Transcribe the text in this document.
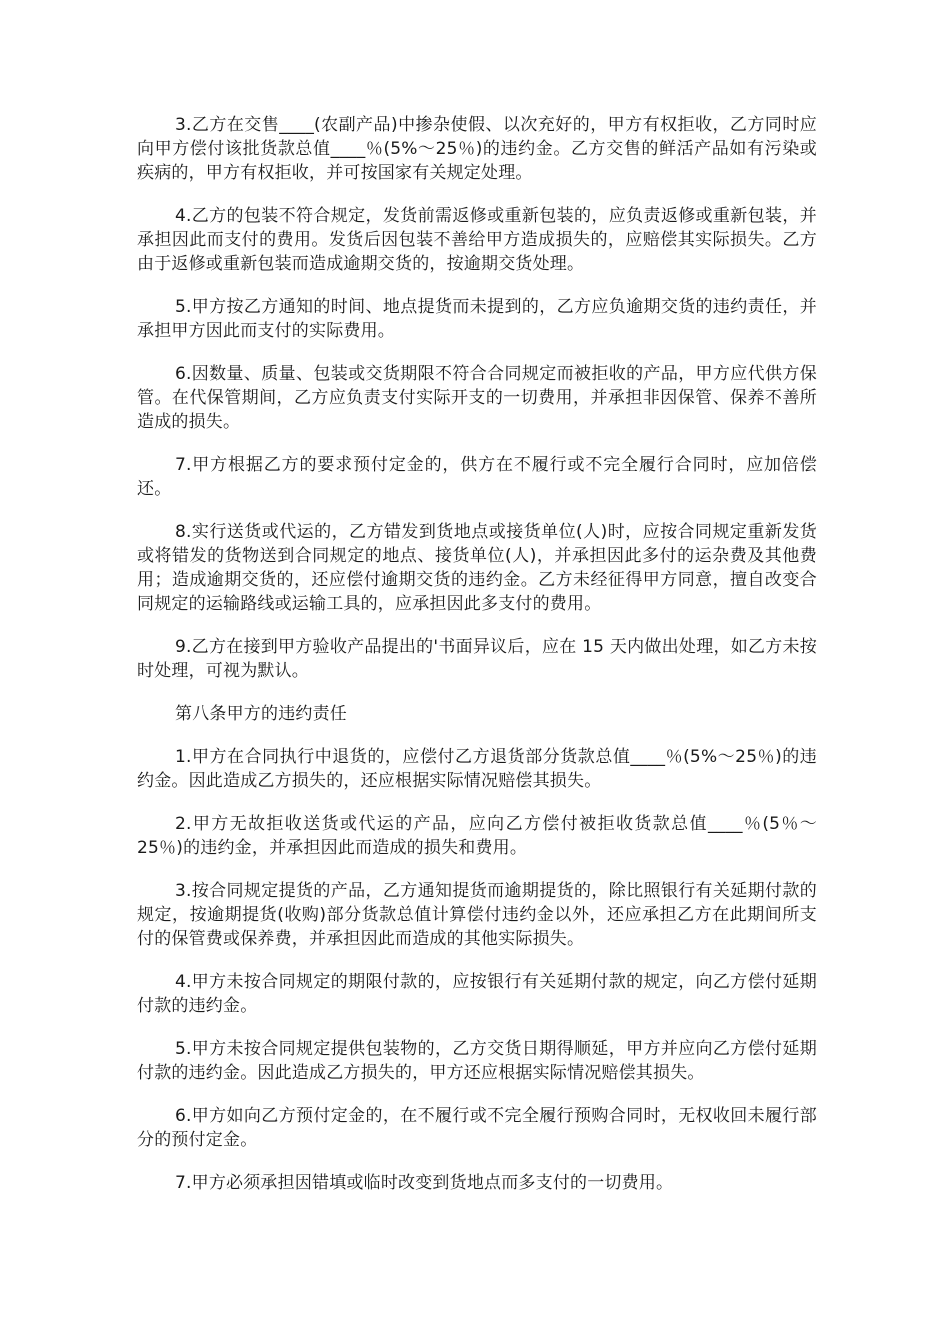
3.乙方在交售____(农副产品)中掺杂使假、以次充好的，甲方有权拒收，乙方同时应向甲方偿付该批货款总值____％(5%～25％)的违约金。乙方交售的鲜活产品如有污染或疾病的，甲方有权拒收，并可按国家有关规定处理。

4.乙方的包装不符合规定，发货前需返修或重新包装的，应负责返修或重新包装，并承担因此而支付的费用。发货后因包装不善给甲方造成损失的，应赔偿其实际损失。乙方由于返修或重新包装而造成逾期交货的，按逾期交货处理。

5.甲方按乙方通知的时间、地点提货而未提到的，乙方应负逾期交货的违约责任，并承担甲方因此而支付的实际费用。

6.因数量、质量、包装或交货期限不符合合同规定而被拒收的产品，甲方应代供方保管。在代保管期间，乙方应负责支付实际开支的一切费用，并承担非因保管、保养不善所造成的损失。

7.甲方根据乙方的要求预付定金的，供方在不履行或不完全履行合同时，应加倍偿还。

8.实行送货或代运的，乙方错发到货地点或接货单位(人)时，应按合同规定重新发货或将错发的货物送到合同规定的地点、接货单位(人)，并承担因此多付的运杂费及其他费用；造成逾期交货的，还应偿付逾期交货的违约金。乙方未经征得甲方同意，擅自改变合同规定的运输路线或运输工具的，应承担因此多支付的费用。

9.乙方在接到甲方验收产品提出的'书面异议后，应在 15 天内做出处理，如乙方未按时处理，可视为默认。

第八条甲方的违约责任

1.甲方在合同执行中退货的，应偿付乙方退货部分货款总值____％(5%～25％)的违约金。因此造成乙方损失的，还应根据实际情况赔偿其损失。

2.甲方无故拒收送货或代运的产品，应向乙方偿付被拒收货款总值____％(5％～25％)的违约金，并承担因此而造成的损失和费用。

3.按合同规定提货的产品，乙方通知提货而逾期提货的，除比照银行有关延期付款的规定，按逾期提货(收购)部分货款总值计算偿付违约金以外，还应承担乙方在此期间所支付的保管费或保养费，并承担因此而造成的其他实际损失。

4.甲方未按合同规定的期限付款的，应按银行有关延期付款的规定，向乙方偿付延期付款的违约金。

5.甲方未按合同规定提供包装物的，乙方交货日期得顺延，甲方并应向乙方偿付延期付款的违约金。因此造成乙方损失的，甲方还应根据实际情况赔偿其损失。

6.甲方如向乙方预付定金的，在不履行或不完全履行预购合同时，无权收回未履行部分的预付定金。

7.甲方必须承担因错填或临时改变到货地点而多支付的一切费用。
